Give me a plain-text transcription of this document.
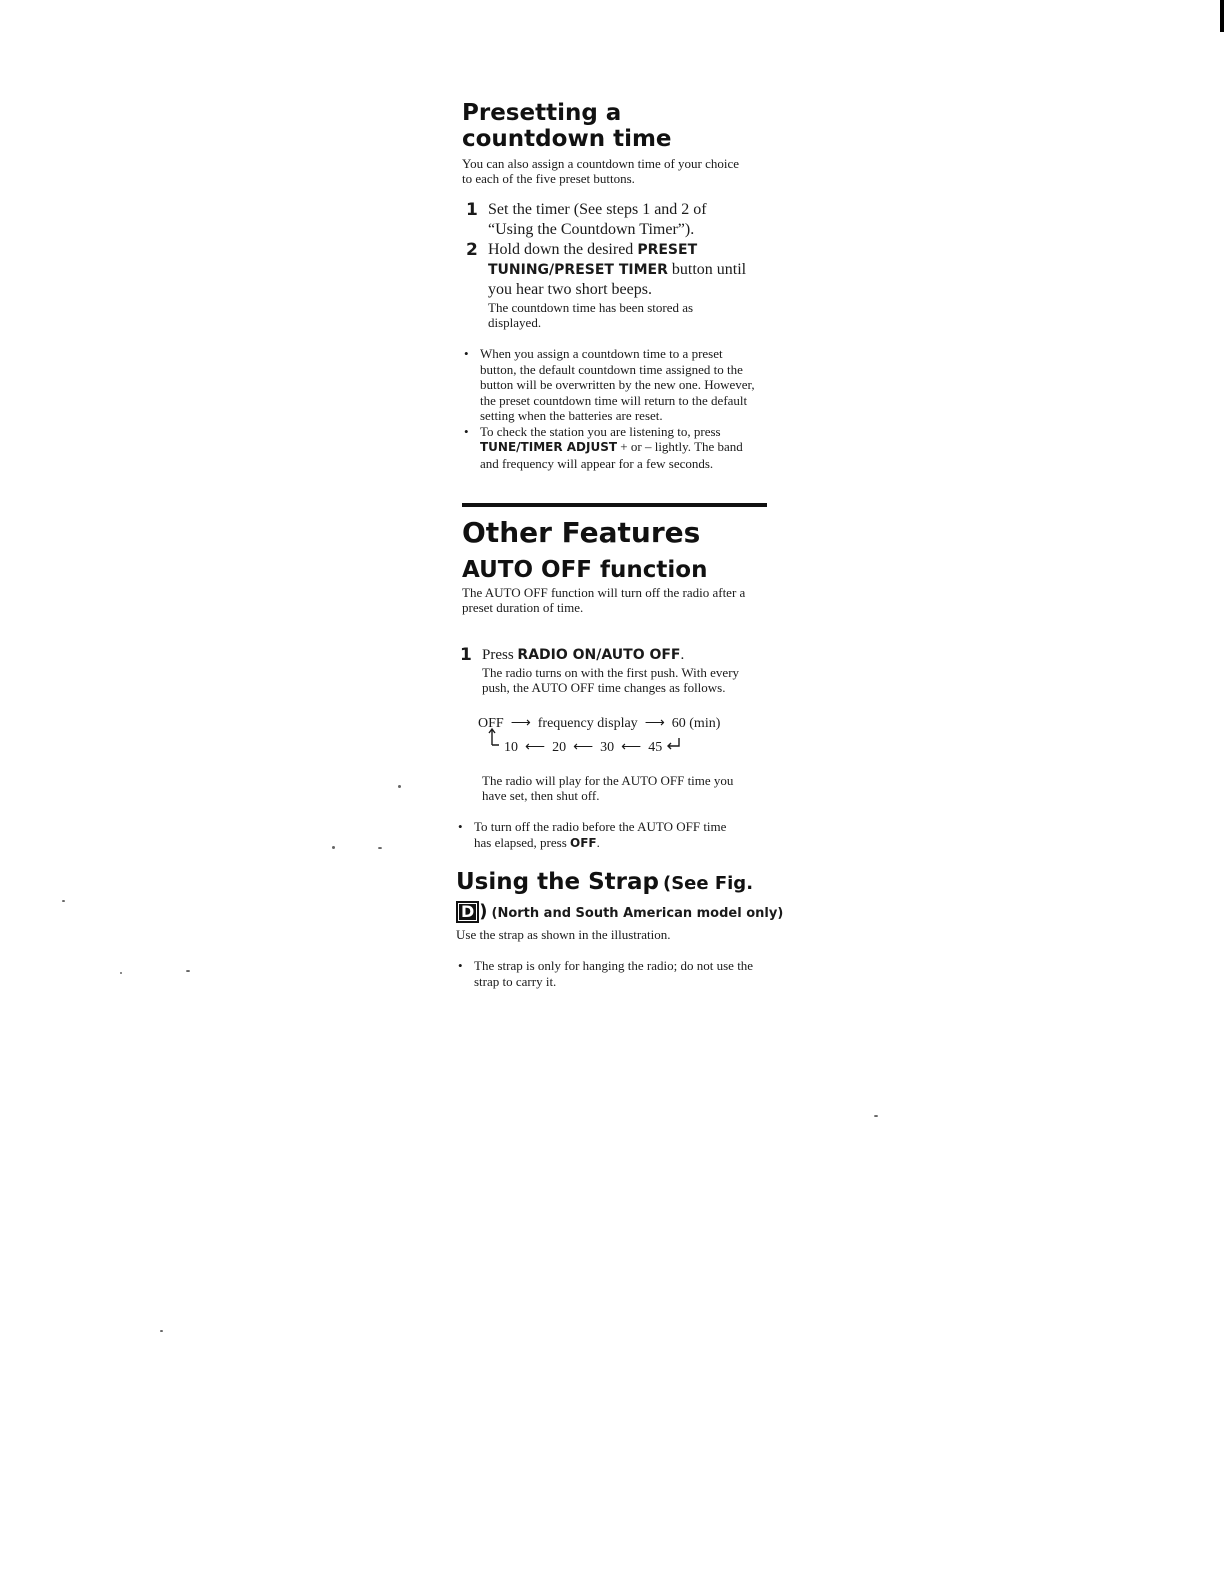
Presetting a countdown time

You can also assign a countdown time of your choice to each of the five preset buttons.

1 Set the timer (See steps 1 and 2 of “Using the Countdown Timer”).

2 Hold down the desired PRESET TUNING/PRESET TIMER button until you hear two short beeps.

The countdown time has been stored as displayed.

• When you assign a countdown time to a preset button, the default countdown time assigned to the button will be overwritten by the new one. However, the preset countdown time will return to the default setting when the batteries are reset.
• To check the station you are listening to, press TUNE/TIMER ADJUST + or – lightly. The band and frequency will appear for a few seconds.
Other Features
AUTO OFF function

The AUTO OFF function will turn off the radio after a preset duration of time.

1 Press RADIO ON/AUTO OFF.

The radio turns on with the first push. With every push, the AUTO OFF time changes as follows.

OFF  ⟶  frequency display  ⟶  60 (min)
10  ⟵  20  ⟵  30  ⟵  45

The radio will play for the AUTO OFF time you have set, then shut off.

• To turn off the radio before the AUTO OFF time has elapsed, press OFF.
Using the Strap (See Fig.
D ) (North and South American model only)

Use the strap as shown in the illustration.

• The strap is only for hanging the radio; do not use the strap to carry it.
